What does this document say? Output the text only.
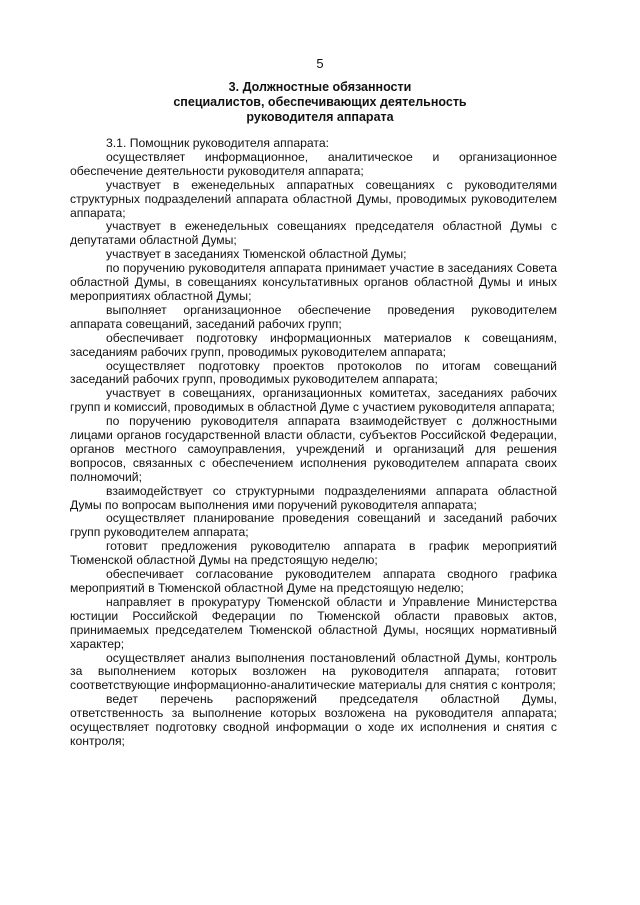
5
3. Должностные обязанности
специалистов, обеспечивающих деятельность
руководителя аппарата

3.1. Помощник руководителя аппарата:

осуществляет информационное, аналитическое и организационное обеспечение деятельности руководителя аппарата;

участвует в еженедельных аппаратных совещаниях с руководителями структурных подразделений аппарата областной Думы, проводимых руководителем аппарата;

участвует в еженедельных совещаниях председателя областной Думы с депутатами областной Думы;

участвует в заседаниях Тюменской областной Думы;

по поручению руководителя аппарата принимает участие в заседаниях Совета областной Думы, в совещаниях консультативных органов областной Думы и иных мероприятиях областной Думы;

выполняет организационное обеспечение проведения руководителем аппарата совещаний, заседаний рабочих групп;

обеспечивает подготовку информационных материалов к совещаниям, заседаниям рабочих групп, проводимых руководителем аппарата;

осуществляет подготовку проектов протоколов по итогам совещаний заседаний рабочих групп, проводимых руководителем аппарата;

участвует в совещаниях, организационных комитетах, заседаниях рабочих групп и комиссий, проводимых в областной Думе с участием руководителя аппарата;

по поручению руководителя аппарата взаимодействует с должностными лицами органов государственной власти области, субъектов Российской Федерации, органов местного самоуправления, учреждений и организаций для решения вопросов, связанных с обеспечением исполнения руководителем аппарата своих полномочий;

взаимодействует со структурными подразделениями аппарата областной Думы по вопросам выполнения ими поручений руководителя аппарата;

осуществляет планирование проведения совещаний и заседаний рабочих групп руководителем аппарата;

готовит предложения руководителю аппарата в график мероприятий Тюменской областной Думы на предстоящую неделю;

обеспечивает согласование руководителем аппарата сводного графика мероприятий в Тюменской областной Думе на предстоящую неделю;

направляет в прокуратуру Тюменской области и Управление Министерства юстиции Российской Федерации по Тюменской области правовых актов, принимаемых председателем Тюменской областной Думы, носящих нормативный характер;

осуществляет анализ выполнения постановлений областной Думы, контроль за выполнением которых возложен на руководителя аппарата; готовит соответствующие информационно-аналитические материалы для снятия с контроля;

ведет перечень распоряжений председателя областной Думы, ответственность за выполнение которых возложена на руководителя аппарата; осуществляет подготовку сводной информации о ходе их исполнения и снятия с контроля;
